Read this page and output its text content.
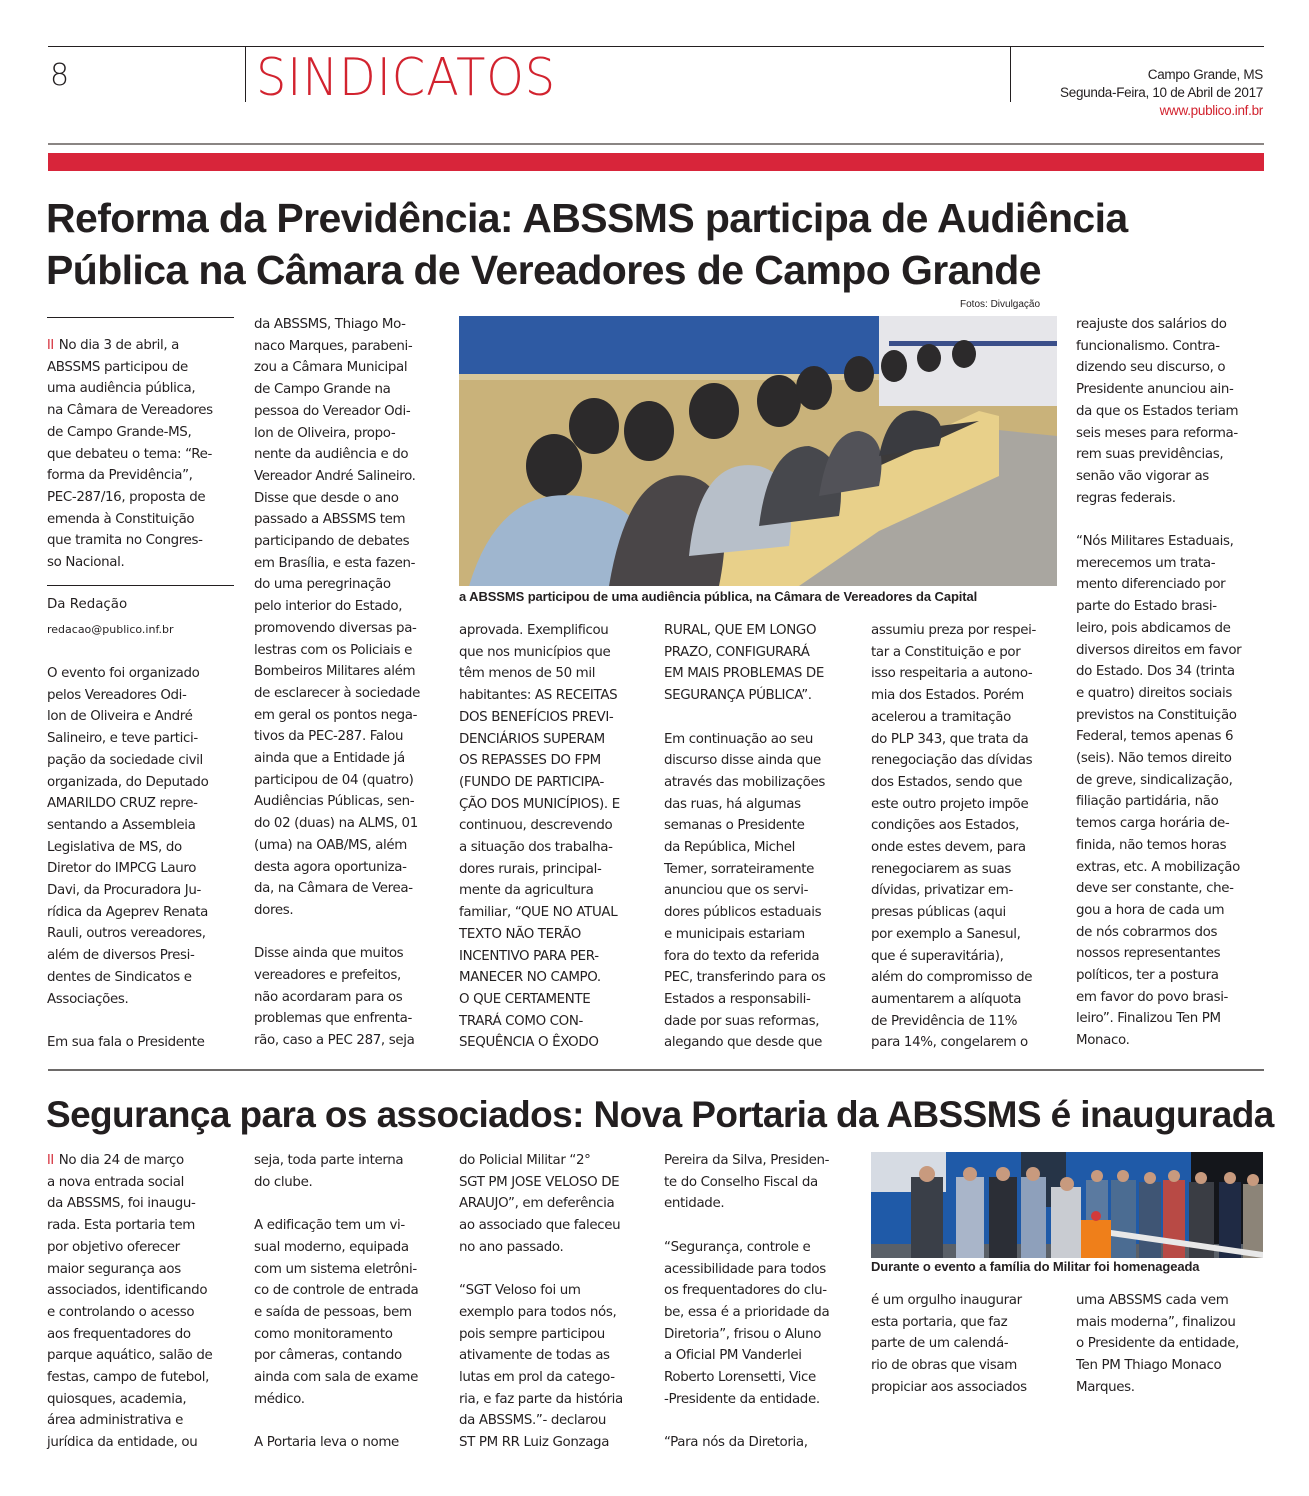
8	SINDICATOS	Campo Grande, MS
Segunda-Feira, 10 de Abril de 2017
www.publico.inf.br
Reforma da Previdência: ABSSMS participa de Audiência
Pública na Câmara de Vereadores de Campo Grande
Fotos: Divulgação

ll No dia 3 de abril, a
ABSSMS participou de
uma audiência pública,
na Câmara de Vereadores
de Campo Grande-MS,
que debateu o tema: “Re-
forma da Previdência”,
PEC-287/16, proposta de
emenda à Constituição
que tramita no Congres-
so Nacional.

Da Redação
redacao@publico.inf.br

O evento foi organizado
pelos Vereadores Odi-
lon de Oliveira e André
Salineiro, e teve partici-
pação da sociedade civil
organizada, do Deputado
AMARILDO CRUZ repre-
sentando a Assembleia
Legislativa de MS, do
Diretor do IMPCG Lauro
Davi, da Procuradora Ju-
rídica da Ageprev Renata
Rauli, outros vereadores,
além de diversos Presi-
dentes de Sindicatos e
Associações.

Em sua fala o Presidente

da ABSSMS, Thiago Mo-
naco Marques, parabeni-
zou a Câmara Municipal
de Campo Grande na
pessoa do Vereador Odi-
lon de Oliveira, propo-
nente da audiência e do
Vereador André Salineiro.
Disse que desde o ano
passado a ABSSMS tem
participando de debates
em Brasília, e esta fazen-
do uma peregrinação
pelo interior do Estado,
promovendo diversas pa-
lestras com os Policiais e
Bombeiros Militares além
de esclarecer à sociedade
em geral os pontos nega-
tivos da PEC-287. Falou
ainda que a Entidade já
participou de 04 (quatro)
Audiências Públicas, sen-
do 02 (duas) na ALMS, 01
(uma) na OAB/MS, além
desta agora oportuniza-
da, na Câmara de Verea-
dores.

Disse ainda que muitos
vereadores e prefeitos,
não acordaram para os
problemas que enfrenta-
rão, caso a PEC 287, seja

a ABSSMS participou de uma audiência pública, na Câmara de Vereadores da Capital

aprovada. Exemplificou
que nos municípios que
têm menos de 50 mil
habitantes: AS RECEITAS
DOS BENEFÍCIOS PREVI-
DENCIÁRIOS SUPERAM
OS REPASSES DO FPM
(FUNDO DE PARTICIPA-
ÇÃO DOS MUNICÍPIOS). E
continuou, descrevendo
a situação dos trabalha-
dores rurais, principal-
mente da agricultura
familiar, “QUE NO ATUAL
TEXTO NÃO TERÃO
INCENTIVO PARA PER-
MANECER NO CAMPO.
O QUE CERTAMENTE
TRARÁ COMO CON-
SEQUÊNCIA O ÊXODO

RURAL, QUE EM LONGO
PRAZO, CONFIGURARÁ
EM MAIS PROBLEMAS DE
SEGURANÇA PÚBLICA”.

Em continuação ao seu
discurso disse ainda que
através das mobilizações
das ruas, há algumas
semanas o Presidente
da República, Michel
Temer, sorrateiramente
anunciou que os servi-
dores públicos estaduais
e municipais estariam
fora do texto da referida
PEC, transferindo para os
Estados a responsabili-
dade por suas reformas,
alegando que desde que

assumiu preza por respei-
tar a Constituição e por
isso respeitaria a autono-
mia dos Estados. Porém
acelerou a tramitação
do PLP 343, que trata da
renegociação das dívidas
dos Estados, sendo que
este outro projeto impõe
condições aos Estados,
onde estes devem, para
renegociarem as suas
dívidas, privatizar em-
presas públicas (aqui
por exemplo a Sanesul,
que é superavitária),
além do compromisso de
aumentarem a alíquota
de Previdência de 11%
para 14%, congelarem o

reajuste dos salários do
funcionalismo. Contra-
dizendo seu discurso, o
Presidente anunciou ain-
da que os Estados teriam
seis meses para reforma-
rem suas previdências,
senão vão vigorar as
regras federais.

“Nós Militares Estaduais,
merecemos um trata-
mento diferenciado por
parte do Estado brasi-
leiro, pois abdicamos de
diversos direitos em favor
do Estado. Dos 34 (trinta
e quatro) direitos sociais
previstos na Constituição
Federal, temos apenas 6
(seis). Não temos direito
de greve, sindicalização,
filiação partidária, não
temos carga horária de-
finida, não temos horas
extras, etc. A mobilização
deve ser constante, che-
gou a hora de cada um
de nós cobrarmos dos
nossos representantes
políticos, ter a postura
em favor do povo brasi-
leiro”. Finalizou Ten PM
Monaco.

Segurança para os associados: Nova Portaria da ABSSMS é inaugurada

ll No dia 24 de março
a nova entrada social
da ABSSMS, foi inaugu-
rada. Esta portaria tem
por objetivo oferecer
maior segurança aos
associados, identificando
e controlando o acesso
aos frequentadores do
parque aquático, salão de
festas, campo de futebol,
quiosques, academia,
área administrativa e
jurídica da entidade, ou

seja, toda parte interna
do clube.

A edificação tem um vi-
sual moderno, equipada
com um sistema eletrôni-
co de controle de entrada
e saída de pessoas, bem
como monitoramento
por câmeras, contando
ainda com sala de exame
médico.

A Portaria leva o nome

do Policial Militar “2°
SGT PM JOSE VELOSO DE
ARAUJO”, em deferência
ao associado que faleceu
no ano passado.

“SGT Veloso foi um
exemplo para todos nós,
pois sempre participou
ativamente de todas as
lutas em prol da catego-
ria, e faz parte da história
da ABSSMS.”- declarou
ST PM RR Luiz Gonzaga

Pereira da Silva, Presiden-
te do Conselho Fiscal da
entidade.

“Segurança, controle e
acessibilidade para todos
os frequentadores do clu-
be, essa é a prioridade da
Diretoria”, frisou o Aluno
a Oficial PM Vanderlei
Roberto Lorensetti, Vice
-Presidente da entidade.

“Para nós da Diretoria,

Durante o evento a família do Militar foi homenageada

é um orgulho inaugurar
esta portaria, que faz
parte de um calendá-
rio de obras que visam
propiciar aos associados

uma ABSSMS cada vem
mais moderna”, finalizou
o Presidente da entidade,
Ten PM Thiago Monaco
Marques.
